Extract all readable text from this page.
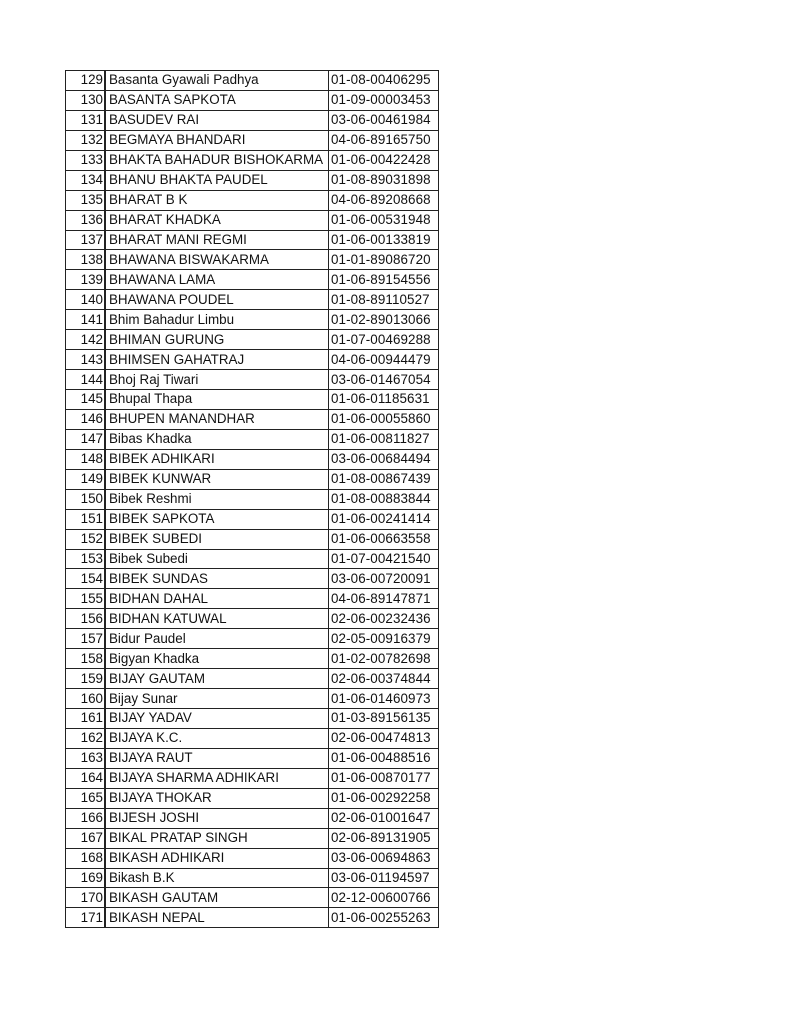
129	Basanta Gyawali Padhya	01-08-00406295
130	BASANTA SAPKOTA	01-09-00003453
131	BASUDEV RAI	03-06-00461984
132	BEGMAYA BHANDARI	04-06-89165750
133	BHAKTA BAHADUR BISHOKARMA	01-06-00422428
134	BHANU BHAKTA PAUDEL	01-08-89031898
135	BHARAT B K	04-06-89208668
136	BHARAT KHADKA	01-06-00531948
137	BHARAT MANI REGMI	01-06-00133819
138	BHAWANA BISWAKARMA	01-01-89086720
139	BHAWANA LAMA	01-06-89154556
140	BHAWANA POUDEL	01-08-89110527
141	Bhim Bahadur Limbu	01-02-89013066
142	BHIMAN GURUNG	01-07-00469288
143	BHIMSEN GAHATRAJ	04-06-00944479
144	Bhoj Raj Tiwari	03-06-01467054
145	Bhupal Thapa	01-06-01185631
146	BHUPEN MANANDHAR	01-06-00055860
147	Bibas Khadka	01-06-00811827
148	BIBEK ADHIKARI	03-06-00684494
149	BIBEK KUNWAR	01-08-00867439
150	Bibek Reshmi	01-08-00883844
151	BIBEK SAPKOTA	01-06-00241414
152	BIBEK SUBEDI	01-06-00663558
153	Bibek Subedi	01-07-00421540
154	BIBEK SUNDAS	03-06-00720091
155	BIDHAN DAHAL	04-06-89147871
156	BIDHAN KATUWAL	02-06-00232436
157	Bidur Paudel	02-05-00916379
158	Bigyan Khadka	01-02-00782698
159	BIJAY GAUTAM	02-06-00374844
160	Bijay Sunar	01-06-01460973
161	BIJAY YADAV	01-03-89156135
162	BIJAYA K.C.	02-06-00474813
163	BIJAYA RAUT	01-06-00488516
164	BIJAYA SHARMA ADHIKARI	01-06-00870177
165	BIJAYA THOKAR	01-06-00292258
166	BIJESH JOSHI	02-06-01001647
167	BIKAL PRATAP SINGH	02-06-89131905
168	BIKASH ADHIKARI	03-06-00694863
169	Bikash B.K	03-06-01194597
170	BIKASH GAUTAM	02-12-00600766
171	BIKASH NEPAL	01-06-00255263
